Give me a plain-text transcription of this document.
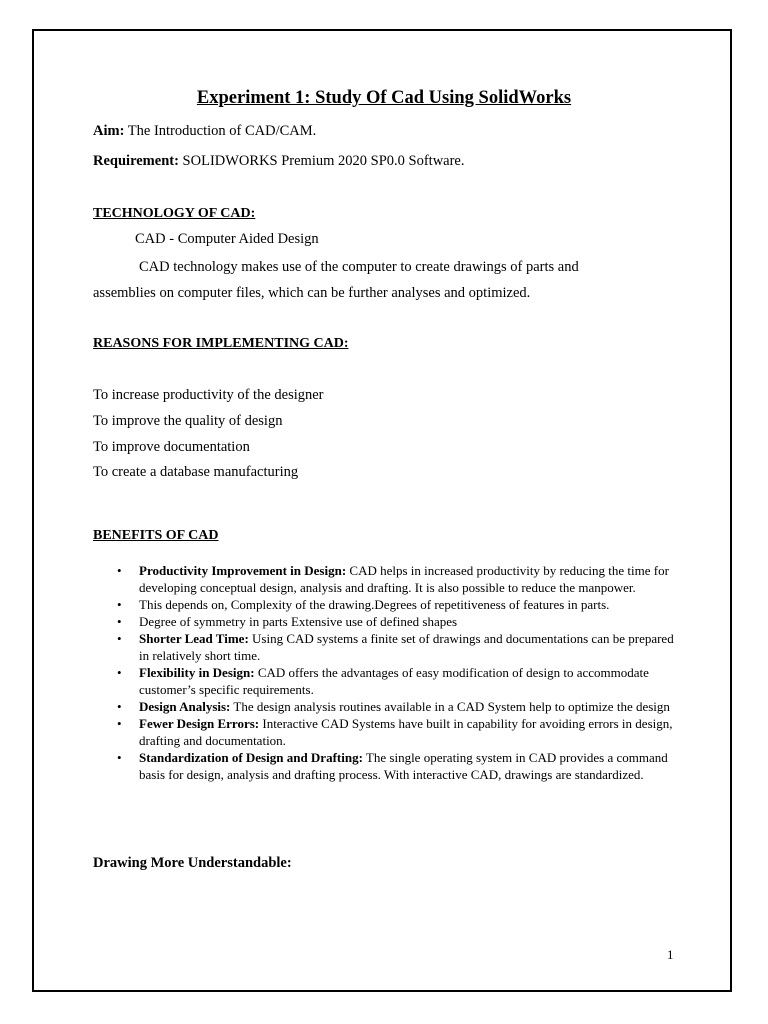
Experiment 1: Study Of Cad Using SolidWorks

Aim: The Introduction of CAD/CAM.

Requirement: SOLIDWORKS Premium 2020 SP0.0 Software.

TECHNOLOGY OF CAD:

CAD - Computer Aided Design

CAD technology makes use of the computer to create drawings of parts and

assemblies on computer files, which can be further analyses and optimized.

REASONS FOR IMPLEMENTING CAD:

To increase productivity of the designer

To improve the quality of design

To improve documentation

To create a database manufacturing

BENEFITS OF CAD

• Productivity Improvement in Design: CAD helps in increased productivity by reducing the time for developing conceptual design, analysis and drafting. It is also possible to reduce the manpower.
• This depends on, Complexity of the drawing.Degrees of repetitiveness of features in parts.
• Degree of symmetry in parts Extensive use of defined shapes
• Shorter Lead Time: Using CAD systems a finite set of drawings and documentations can be prepared in relatively short time.
• Flexibility in Design: CAD offers the advantages of easy modification of design to accommodate customer’s specific requirements.
• Design Analysis: The design analysis routines available in a CAD System help to optimize the design
• Fewer Design Errors: Interactive CAD Systems have built in capability for avoiding errors in design, drafting and documentation.
• Standardization of Design and Drafting: The single operating system in CAD provides a command basis for design, analysis and drafting process. With interactive CAD, drawings are standardized.

Drawing More Understandable:

1
